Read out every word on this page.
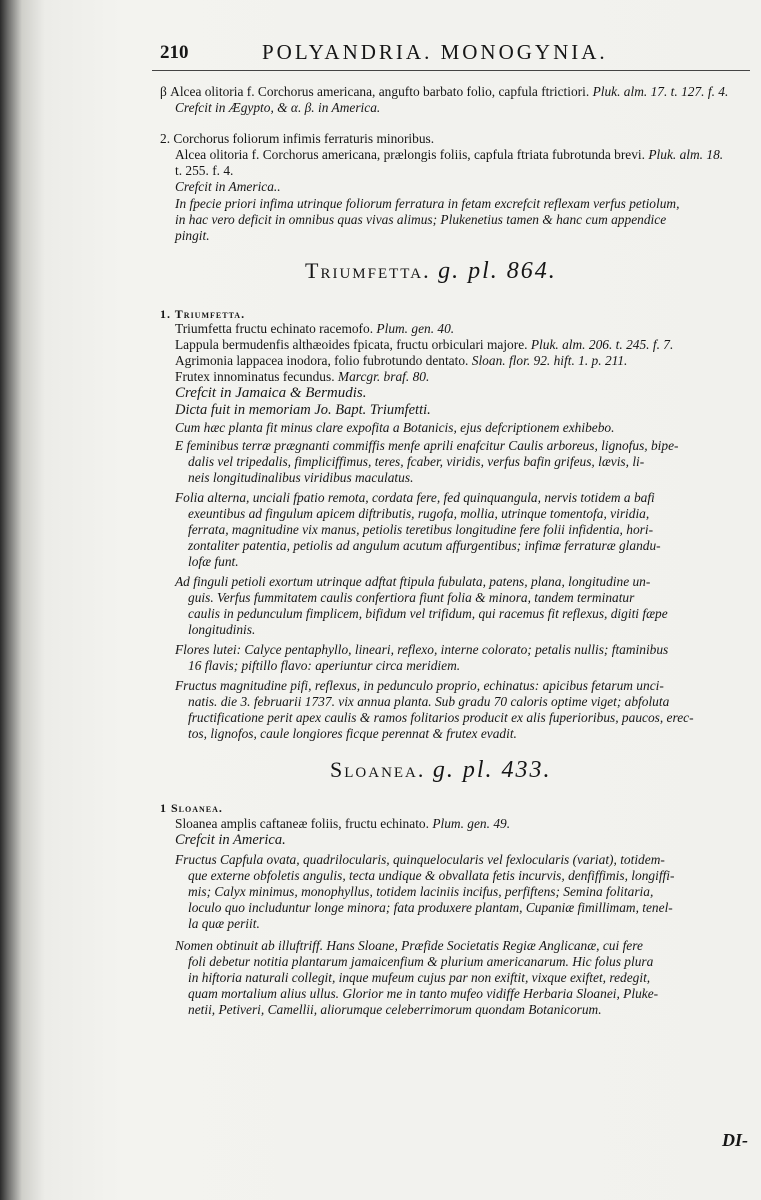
210	POLYANDRIA. MONOGYNIA.
β Alcea olitoria f. Corchorus americana, angufto barbato folio, capfula ftrictiori. Pluk. alm. 17. t. 127. f. 4.
Crefcit in Ægypto, & α. β. in America.
2. Corchorus foliorum infimis ferraturis minoribus.
Alcea olitoria f. Corchorus americana, prælongis foliis, capfula ftriata fubrotunda brevi. Pluk. alm. 18.
t. 255. f. 4.
Crefcit in America..
In fpecie priori infima utrinque foliorum ferratura in fetam excrefcit reflexam verfus petiolum,
in hac vero deficit in omnibus quas vivas alimus; Plukenetius tamen & hanc cum appendice
pingit.
Triumfetta. g. pl. 864.
1. Triumfetta.
Triumfetta fructu echinato racemofo. Plum. gen. 40.
Lappula bermudenfis althæoides fpicata, fructu orbiculari majore. Pluk. alm. 206. t. 245. f. 7.
Agrimonia lappacea inodora, folio fubrotundo dentato. Sloan. flor. 92. hift. 1. p. 211.
Frutex innominatus fecundus. Marcgr. braf. 80.
Crefcit in Jamaica & Bermudis.
Dicta fuit in memoriam Jo. Bapt. Triumfetti.
Cum hæc planta fit minus clare expofita a Botanicis, ejus defcriptionem exhibebo.
E feminibus terræ prægnanti commiffis menfe aprili enafcitur Caulis arboreus, lignofus, bipe-
dalis vel tripedalis, fimpliciffimus, teres, fcaber, viridis, verfus bafin grifeus, lævis, li-
neis longitudinalibus viridibus maculatus.
Folia alterna, unciali fpatio remota, cordata fere, fed quinquangula, nervis totidem a bafi
exeuntibus ad fingulum apicem diftributis, rugofa, mollia, utrinque tomentofa, viridia,
ferrata, magnitudine vix manus, petiolis teretibus longitudine fere folii infidentia, hori-
zontaliter patentia, petiolis ad angulum acutum affurgentibus; infimæ ferraturæ glandu-
lofæ funt.
Ad finguli petioli exortum utrinque adftat ftipula fubulata, patens, plana, longitudine un-
guis. Verfus fummitatem caulis confertiora fiunt folia & minora, tandem terminatur
caulis in pedunculum fimplicem, bifidum vel trifidum, qui racemus fit reflexus, digiti fæpe
longitudinis.
Flores lutei: Calyce pentaphyllo, lineari, reflexo, interne colorato; petalis nullis; ftaminibus
16 flavis; piftillo flavo: aperiuntur circa meridiem.
Fructus magnitudine pifi, reflexus, in pedunculo proprio, echinatus: apicibus fetarum unci-
natis. die 3. februarii 1737. vix annua planta. Sub gradu 70 caloris optime viget; abfoluta
fructificatione perit apex caulis & ramos folitarios producit ex alis fuperioribus, paucos, erec-
tos, lignofos, caule longiores ficque perennat & frutex evadit.
Sloanea. g. pl. 433.
1 Sloanea.
Sloanea amplis caftaneæ foliis, fructu echinato. Plum. gen. 49.
Crefcit in America.
Fructus Capfula ovata, quadrilocularis, quinquelocularis vel fexlocularis (variat), totidem-
que externe obfoletis angulis, tecta undique & obvallata fetis incurvis, denfiffimis, longiffi-
mis; Calyx minimus, monophyllus, totidem laciniis incifus, perfiftens; Semina folitaria,
loculo quo includuntur longe minora; fata produxere plantam, Cupaniæ fimillimam, tenel-
la quæ periit.
Nomen obtinuit ab illuftriff. Hans Sloane, Præfide Societatis Regiæ Anglicanæ, cui fere
foli debetur notitia plantarum jamaicenfium & plurium americanarum. Hic folus plura
in hiftoria naturali collegit, inque mufeum cujus par non exiftit, vixque exiftet, redegit,
quam mortalium alius ullus. Glorior me in tanto mufeo vidiffe Herbaria Sloanei, Pluke-
netii, Petiveri, Camellii, aliorumque celeberrimorum quondam Botanicorum.
DI-
